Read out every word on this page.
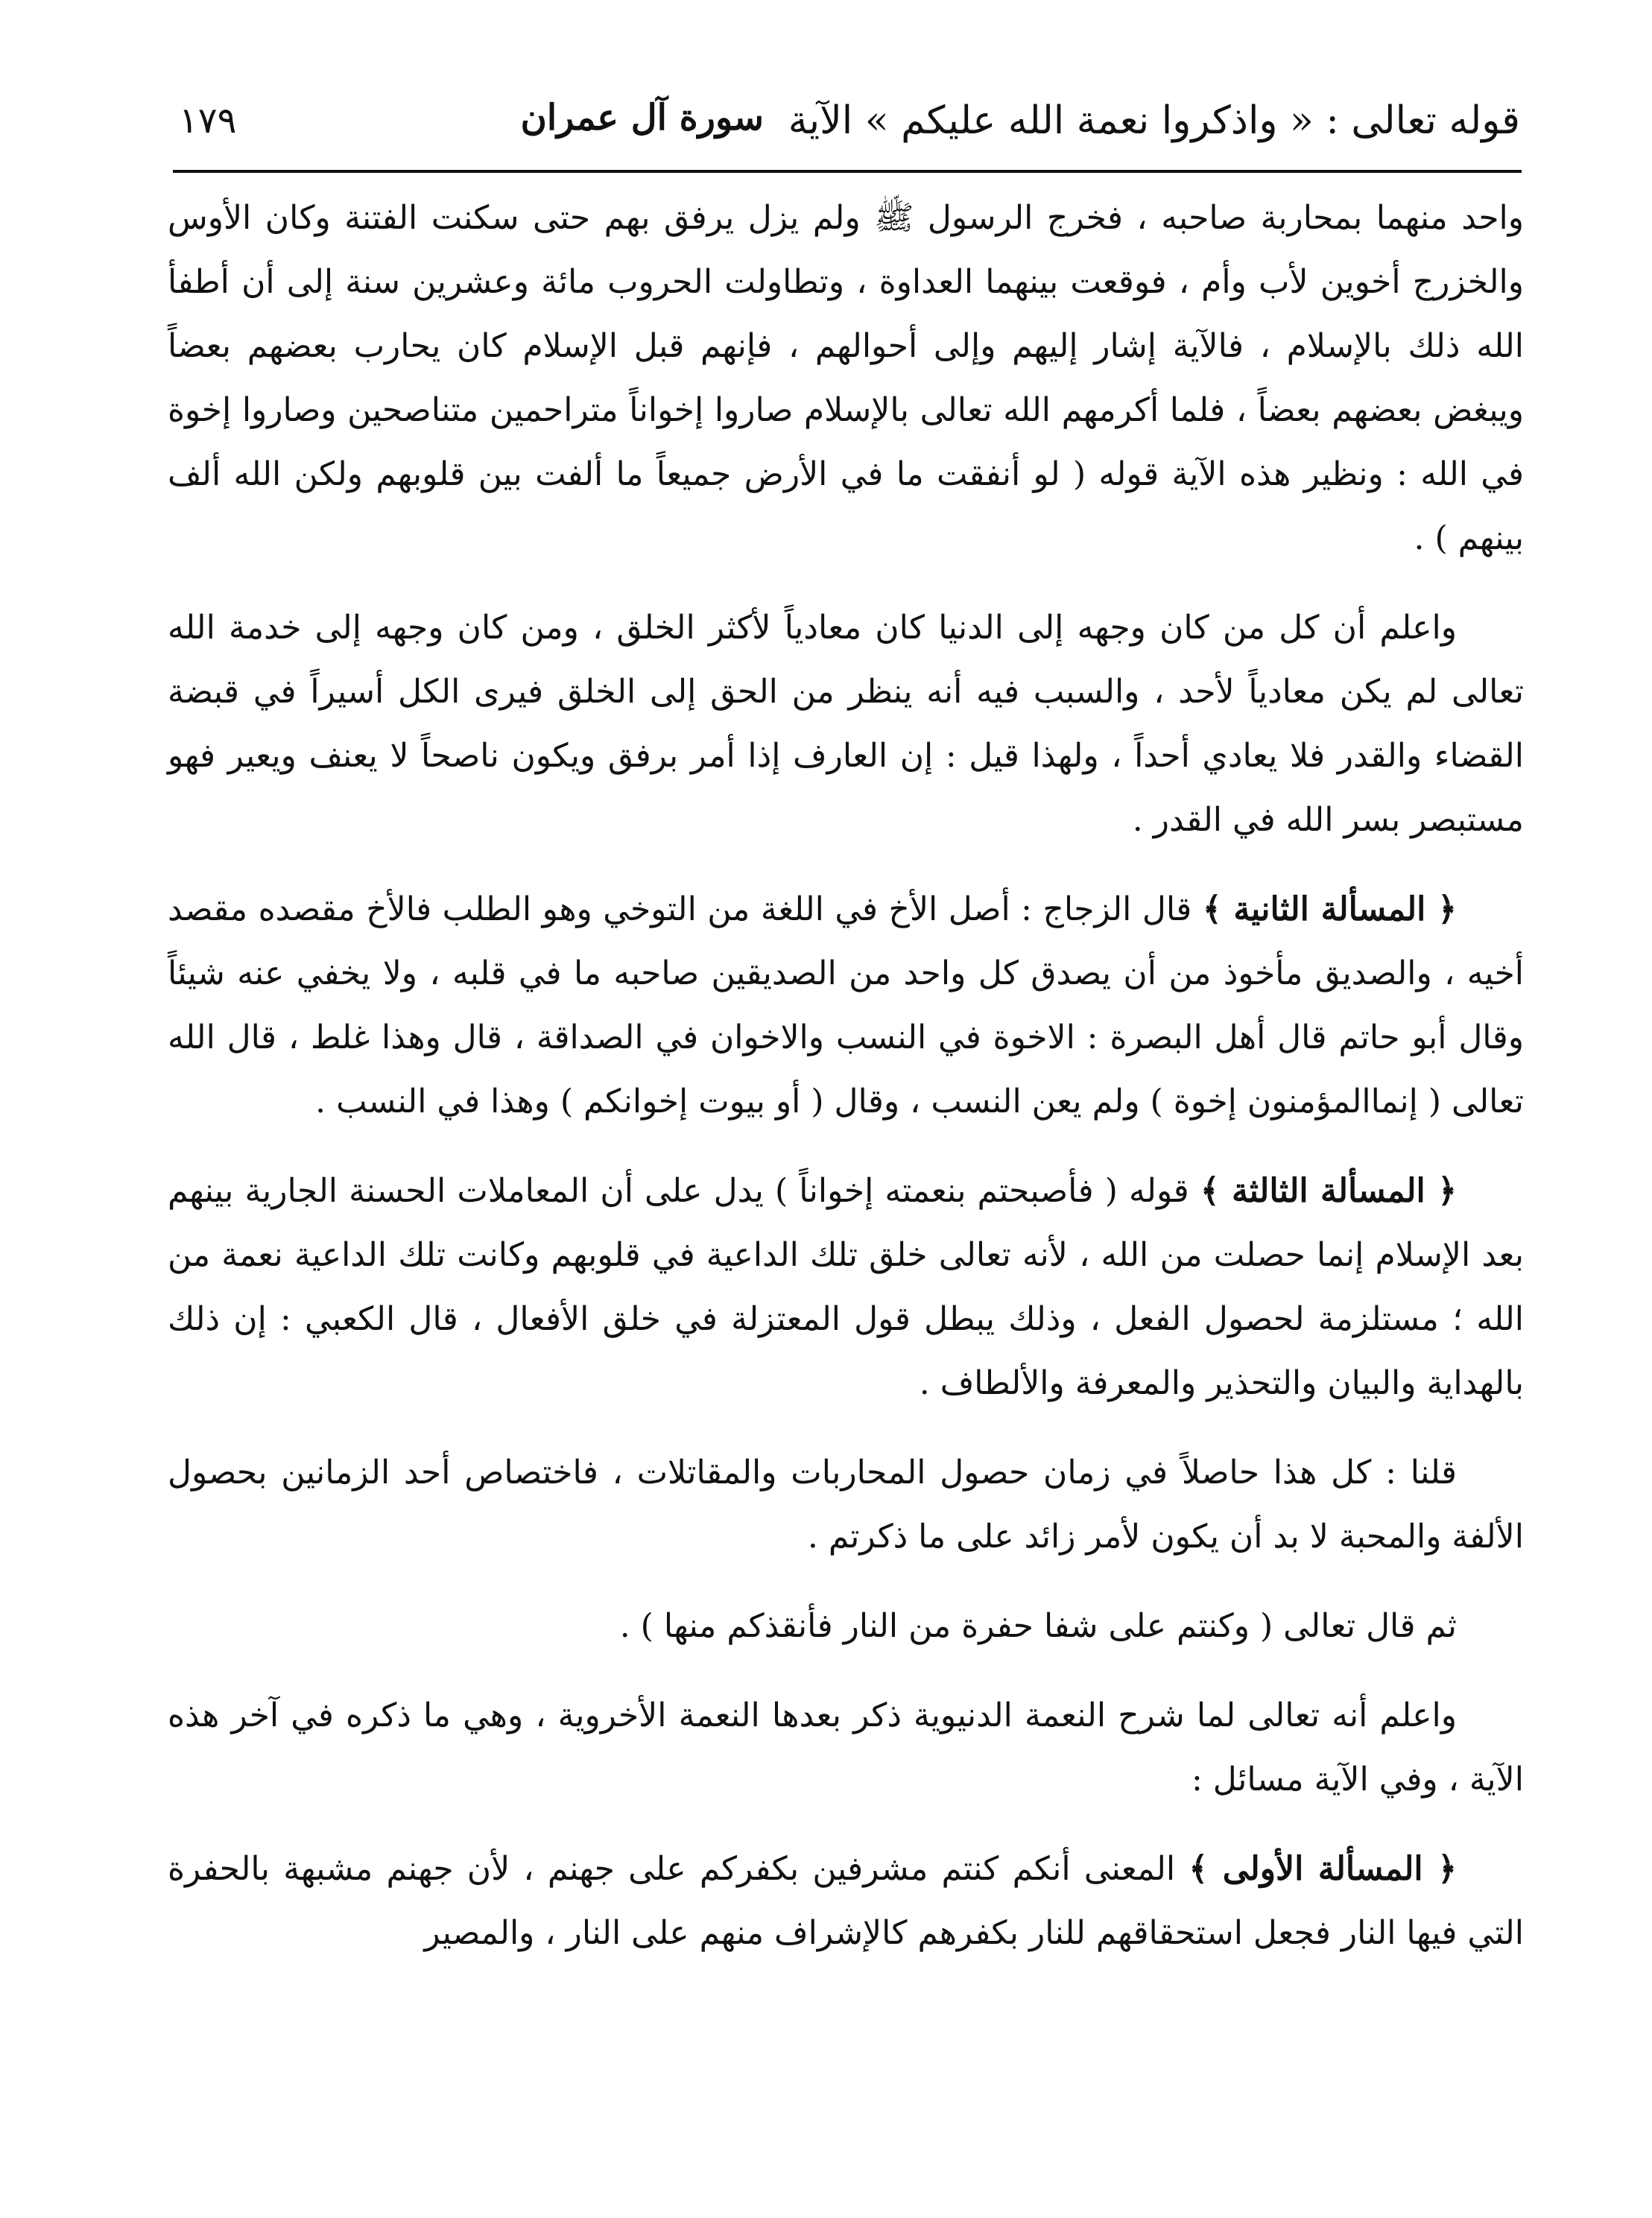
قوله تعالى : « واذكروا نعمة الله عليكم » الآية
سورة آل عمران
١٧٩

واحد منهما بمحاربة صاحبه ، فخرج الرسول ﷺ ولم يزل يرفق بهم حتى سكنت الفتنة وكان الأوس والخزرج أخوين لأب وأم ، فوقعت بينهما العداوة ، وتطاولت الحروب مائة وعشرين سنة إلى أن أطفأ الله ذلك بالإسلام ، فالآية إشار إليهم وإلى أحوالهم ، فإنهم قبل الإسلام كان يحارب بعضهم بعضاً ويبغض بعضهم بعضاً ، فلما أكرمهم الله تعالى بالإسلام صاروا إخواناً متراحمين متناصحين وصاروا إخوة في الله : ونظير هذه الآية قوله ( لو أنفقت ما في الأرض جميعاً ما ألفت بين قلوبهم ولكن الله ألف بينهم ) .

واعلم أن كل من كان وجهه إلى الدنيا كان معادياً لأكثر الخلق ، ومن كان وجهه إلى خدمة الله تعالى لم يكن معادياً لأحد ، والسبب فيه أنه ينظر من الحق إلى الخلق فيرى الكل أسيراً في قبضة القضاء والقدر فلا يعادي أحداً ، ولهذا قيل : إن العارف إذا أمر برفق ويكون ناصحاً لا يعنف ويعير فهو مستبصر بسر الله في القدر .

﴿ المسألة الثانية ﴾ قال الزجاج : أصل الأخ في اللغة من التوخي وهو الطلب فالأخ مقصده مقصد أخيه ، والصديق مأخوذ من أن يصدق كل واحد من الصديقين صاحبه ما في قلبه ، ولا يخفي عنه شيئاً وقال أبو حاتم قال أهل البصرة : الاخوة في النسب والاخوان في الصداقة ، قال وهذا غلط ، قال الله تعالى ( إنماالمؤمنون إخوة ) ولم يعن النسب ، وقال ( أو بيوت إخوانكم ) وهذا في النسب .

﴿ المسألة الثالثة ﴾ قوله ( فأصبحتم بنعمته إخواناً ) يدل على أن المعاملات الحسنة الجارية بينهم بعد الإسلام إنما حصلت من الله ، لأنه تعالى خلق تلك الداعية في قلوبهم وكانت تلك الداعية نعمة من الله ؛ مستلزمة لحصول الفعل ، وذلك يبطل قول المعتزلة في خلق الأفعال ، قال الكعبي : إن ذلك بالهداية والبيان والتحذير والمعرفة والألطاف .

قلنا : كل هذا حاصلاً في زمان حصول المحاربات والمقاتلات ، فاختصاص أحد الزمانين بحصول الألفة والمحبة لا بد أن يكون لأمر زائد على ما ذكرتم .

ثم قال تعالى ( وكنتم على شفا حفرة من النار فأنقذكم منها ) .

واعلم أنه تعالى لما شرح النعمة الدنيوية ذكر بعدها النعمة الأخروية ، وهي ما ذكره في آخر هذه الآية ، وفي الآية مسائل :

﴿ المسألة الأولى ﴾ المعنى أنكم كنتم مشرفين بكفركم على جهنم ، لأن جهنم مشبهة بالحفرة التي فيها النار فجعل استحقاقهم للنار بكفرهم كالإشراف منهم على النار ، والمصير
